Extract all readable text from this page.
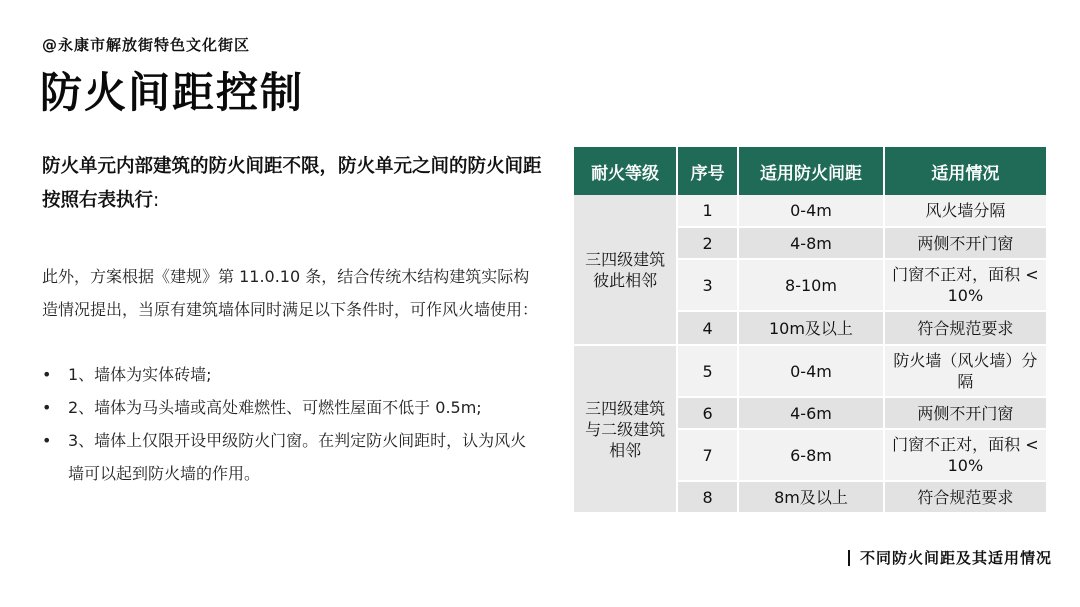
@永康市解放街特色文化街区
防火间距控制
防火单元内部建筑的防火间距不限，防火单元之间的防火间距按照右表执行:
此外，方案根据《建规》第 11.0.10 条，结合传统木结构建筑实际构造情况提出，当原有建筑墙体同时满足以下条件时，可作风火墙使用：
•	1、墙体为实体砖墙;
•	2、墙体为马头墙或高处难燃性、可燃性屋面不低于 0.5m;
•	3、墙体上仅限开设甲级防火门窗。在判定防火间距时，认为风火墙可以起到防火墙的作用。
耐火等级	序号	适用防火间距	适用情况
三四级建筑彼此相邻	1	0-4m	风火墙分隔
	2	4-8m	两侧不开门窗
	3	8-10m	门窗不正对，面积 < 10%
	4	10m及以上	符合规范要求
三四级建筑与二级建筑相邻	5	0-4m	防火墙（风火墙）分隔
	6	4-6m	两侧不开门窗
	7	6-8m	门窗不正对，面积 < 10%
	8	8m及以上	符合规范要求
不同防火间距及其适用情况
